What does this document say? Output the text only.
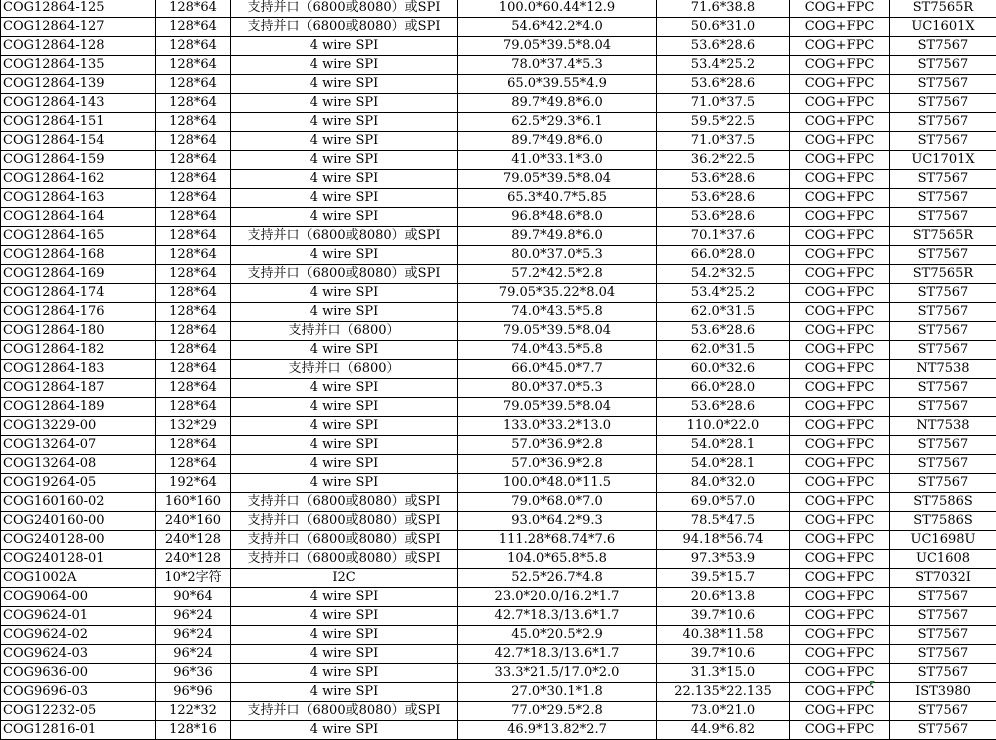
COG12864-125	128*64	支持并口（6800或8080）或SPI	100.0*60.44*12.9	71.6*38.8	COG+FPC	ST7565R
COG12864-127	128*64	支持并口（6800或8080）或SPI	54.6*42.2*4.0	50.6*31.0	COG+FPC	UC1601X
COG12864-128	128*64	4 wire SPI	79.05*39.5*8.04	53.6*28.6	COG+FPC	ST7567
COG12864-135	128*64	4 wire SPI	78.0*37.4*5.3	53.4*25.2	COG+FPC	ST7567
COG12864-139	128*64	4 wire SPI	65.0*39.55*4.9	53.6*28.6	COG+FPC	ST7567
COG12864-143	128*64	4 wire SPI	89.7*49.8*6.0	71.0*37.5	COG+FPC	ST7567
COG12864-151	128*64	4 wire SPI	62.5*29.3*6.1	59.5*22.5	COG+FPC	ST7567
COG12864-154	128*64	4 wire SPI	89.7*49.8*6.0	71.0*37.5	COG+FPC	ST7567
COG12864-159	128*64	4 wire SPI	41.0*33.1*3.0	36.2*22.5	COG+FPC	UC1701X
COG12864-162	128*64	4 wire SPI	79.05*39.5*8.04	53.6*28.6	COG+FPC	ST7567
COG12864-163	128*64	4 wire SPI	65.3*40.7*5.85	53.6*28.6	COG+FPC	ST7567
COG12864-164	128*64	4 wire SPI	96.8*48.6*8.0	53.6*28.6	COG+FPC	ST7567
COG12864-165	128*64	支持并口（6800或8080）或SPI	89.7*49.8*6.0	70.1*37.6	COG+FPC	ST7565R
COG12864-168	128*64	4 wire SPI	80.0*37.0*5.3	66.0*28.0	COG+FPC	ST7567
COG12864-169	128*64	支持并口（6800或8080）或SPI	57.2*42.5*2.8	54.2*32.5	COG+FPC	ST7565R
COG12864-174	128*64	4 wire SPI	79.05*35.22*8.04	53.4*25.2	COG+FPC	ST7567
COG12864-176	128*64	4 wire SPI	74.0*43.5*5.8	62.0*31.5	COG+FPC	ST7567
COG12864-180	128*64	支持并口（6800）	79.05*39.5*8.04	53.6*28.6	COG+FPC	ST7567
COG12864-182	128*64	4 wire SPI	74.0*43.5*5.8	62.0*31.5	COG+FPC	ST7567
COG12864-183	128*64	支持并口（6800）	66.0*45.0*7.7	60.0*32.6	COG+FPC	NT7538
COG12864-187	128*64	4 wire SPI	80.0*37.0*5.3	66.0*28.0	COG+FPC	ST7567
COG12864-189	128*64	4 wire SPI	79.05*39.5*8.04	53.6*28.6	COG+FPC	ST7567
COG13229-00	132*29	4 wire SPI	133.0*33.2*13.0	110.0*22.0	COG+FPC	NT7538
COG13264-07	128*64	4 wire SPI	57.0*36.9*2.8	54.0*28.1	COG+FPC	ST7567
COG13264-08	128*64	4 wire SPI	57.0*36.9*2.8	54.0*28.1	COG+FPC	ST7567
COG19264-05	192*64	4 wire SPI	100.0*48.0*11.5	84.0*32.0	COG+FPC	ST7567
COG160160-02	160*160	支持并口（6800或8080）或SPI	79.0*68.0*7.0	69.0*57.0	COG+FPC	ST7586S
COG240160-00	240*160	支持并口（6800或8080）或SPI	93.0*64.2*9.3	78.5*47.5	COG+FPC	ST7586S
COG240128-00	240*128	支持并口（6800或8080）或SPI	111.28*68.74*7.6	94.18*56.74	COG+FPC	UC1698U
COG240128-01	240*128	支持并口（6800或8080）或SPI	104.0*65.8*5.8	97.3*53.9	COG+FPC	UC1608
COG1002A	10*2字符	I2C	52.5*26.7*4.8	39.5*15.7	COG+FPC	ST7032I
COG9064-00	90*64	4 wire SPI	23.0*20.0/16.2*1.7	20.6*13.8	COG+FPC	ST7567
COG9624-01	96*24	4 wire SPI	42.7*18.3/13.6*1.7	39.7*10.6	COG+FPC	ST7567
COG9624-02	96*24	4 wire SPI	45.0*20.5*2.9	40.38*11.58	COG+FPC	ST7567
COG9624-03	96*24	4 wire SPI	42.7*18.3/13.6*1.7	39.7*10.6	COG+FPC	ST7567
COG9636-00	96*36	4 wire SPI	33.3*21.5/17.0*2.0	31.3*15.0	COG+FPC	ST7567
COG9696-03	96*96	4 wire SPI	27.0*30.1*1.8	22.135*22.135	COG+FPC	IST3980
COG12232-05	122*32	支持并口（6800或8080）或SPI	77.0*29.5*2.8	73.0*21.0	COG+FPC	ST7567
COG12816-01	128*16	4 wire SPI	46.9*13.82*2.7	44.9*6.82	COG+FPC	ST7567
